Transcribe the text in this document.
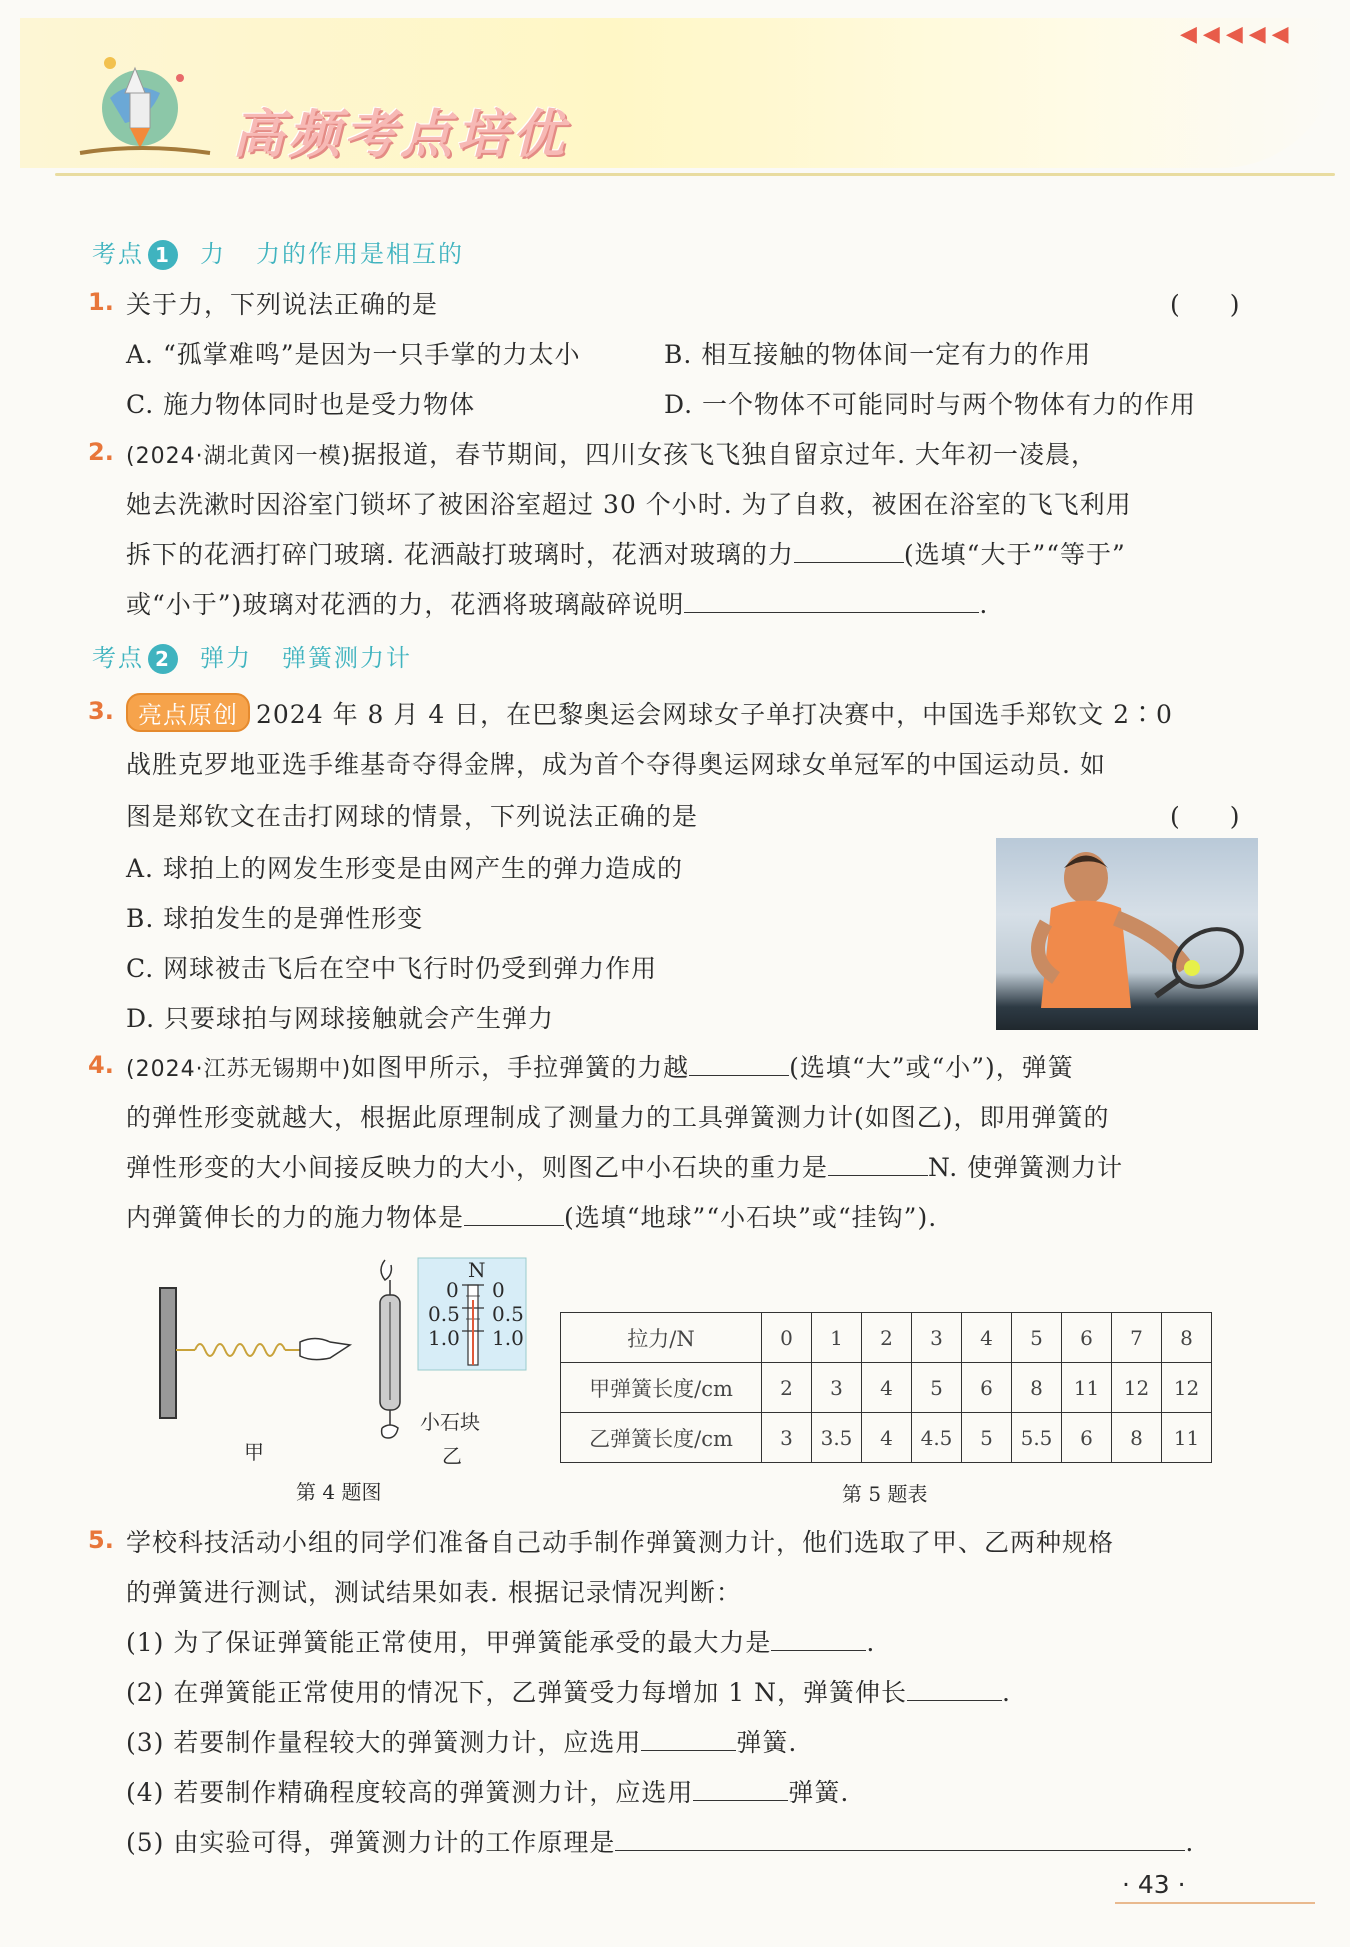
◀◀◀◀◀
高频考点培优
考点 1 力 力的作用是相互的
1. 关于力，下列说法正确的是	(　　)
A. “孤掌难鸣”是因为一只手掌的力太小	B. 相互接触的物体间一定有力的作用
C. 施力物体同时也是受力物体	D. 一个物体不可能同时与两个物体有力的作用
2. (2024·湖北黄冈一模)据报道，春节期间，四川女孩飞飞独自留京过年. 大年初一凌晨，
她去洗漱时因浴室门锁坏了被困浴室超过 30 个小时. 为了自救，被困在浴室的飞飞利用
拆下的花洒打碎门玻璃. 花洒敲打玻璃时，花洒对玻璃的力	(选填“大于”“等于”
或“小于”)玻璃对花洒的力，花洒将玻璃敲碎说明	.
考点 2 弹力 弹簧测力计
3.	亮点原创 2024 年 8 月 4 日，在巴黎奥运会网球女子单打决赛中，中国选手郑钦文 2∶0
战胜克罗地亚选手维基奇夺得金牌，成为首个夺得奥运网球女单冠军的中国运动员. 如
图是郑钦文在击打网球的情景，下列说法正确的是	(　　)
A. 球拍上的网发生形变是由网产生的弹力造成的
B. 球拍发生的是弹性形变
C. 网球被击飞后在空中飞行时仍受到弹力作用
D. 只要球拍与网球接触就会产生弹力
4. (2024·江苏无锡期中)如图甲所示，手拉弹簧的力越	(选填“大”或“小”)，弹簧
的弹性形变就越大，根据此原理制成了测量力的工具弹簧测力计(如图乙)，即用弹簧的
弹性形变的大小间接反映力的大小，则图乙中小石块的重力是	N. 使弹簧测力计
内弹簧伸长的力的施力物体是	(选填“地球”“小石块”或“挂钩”).
N
0 0
0.5 0.5
1.0 1.0
小石块
甲	乙
第 4 题图
拉力/N	0	1	2	3	4	5	6	7	8
甲弹簧长度/cm	2	3	4	5	6	8	11	12	12
乙弹簧长度/cm	3	3.5	4	4.5	5	5.5	6	8	11
第 5 题表
5. 学校科技活动小组的同学们准备自己动手制作弹簧测力计，他们选取了甲、乙两种规格
的弹簧进行测试，测试结果如表. 根据记录情况判断：
(1) 为了保证弹簧能正常使用，甲弹簧能承受的最大力是	.
(2) 在弹簧能正常使用的情况下，乙弹簧受力每增加 1 N，弹簧伸长	.
(3) 若要制作量程较大的弹簧测力计，应选用	弹簧.
(4) 若要制作精确程度较高的弹簧测力计，应选用	弹簧.
(5) 由实验可得，弹簧测力计的工作原理是	.
· 43 ·
